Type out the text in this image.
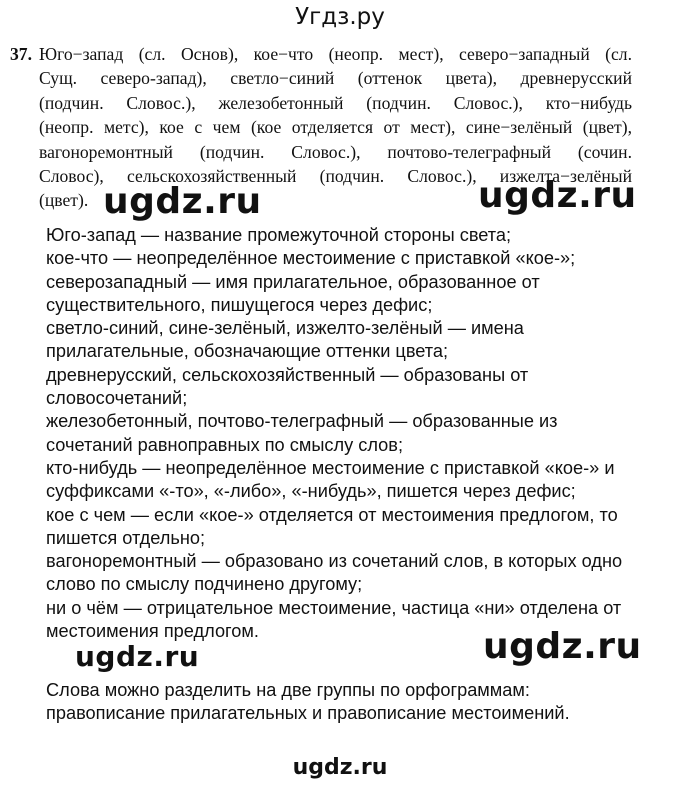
Угдз.ру
37. Юго−запад (сл. Основ), кое−что (неопр. мест), северо−западный (сл.
Сущ. северо-запад), светло−синий (оттенок цвета), древнерусский
(подчин. Словос.), железобетонный (подчин. Словос.), кто−нибудь
(неопр. метс), кое с чем (кое отделяется от мест), сине−зелёный (цвет),
вагоноремонтный (подчин. Словос.), почтово-телеграфный (сочин.
Словос), сельскохозяйственный (подчин. Словос.), изжелта−зелёный
(цвет).
Юго-запад — название промежуточной стороны света;
кое-что — неопределённое местоимение с приставкой «кое-»;
северозападный — имя прилагательное, образованное от
существительного, пишущегося через дефис;
светло-синий, сине-зелёный, изжелто-зелёный — имена
прилагательные, обозначающие оттенки цвета;
древнерусский, сельскохозяйственный — образованы от
словосочетаний;
железобетонный, почтово-телеграфный — образованные из
сочетаний равноправных по смыслу слов;
кто-нибудь — неопределённое местоимение с приставкой «кое-» и
суффиксами «-то», «-либо», «-нибудь», пишется через дефис;
кое с чем — если «кое-» отделяется от местоимения предлогом, то
пишется отдельно;
вагоноремонтный — образовано из сочетаний слов, в которых одно
слово по смыслу подчинено другому;
ни о чём — отрицательное местоимение, частица «ни» отделена от
местоимения предлогом.
Слова можно разделить на две группы по орфограммам:
правописание прилагательных и правописание местоимений.
ugdz.ru	ugdz.ru
ugdz.ru	ugdz.ru
ugdz.ru
